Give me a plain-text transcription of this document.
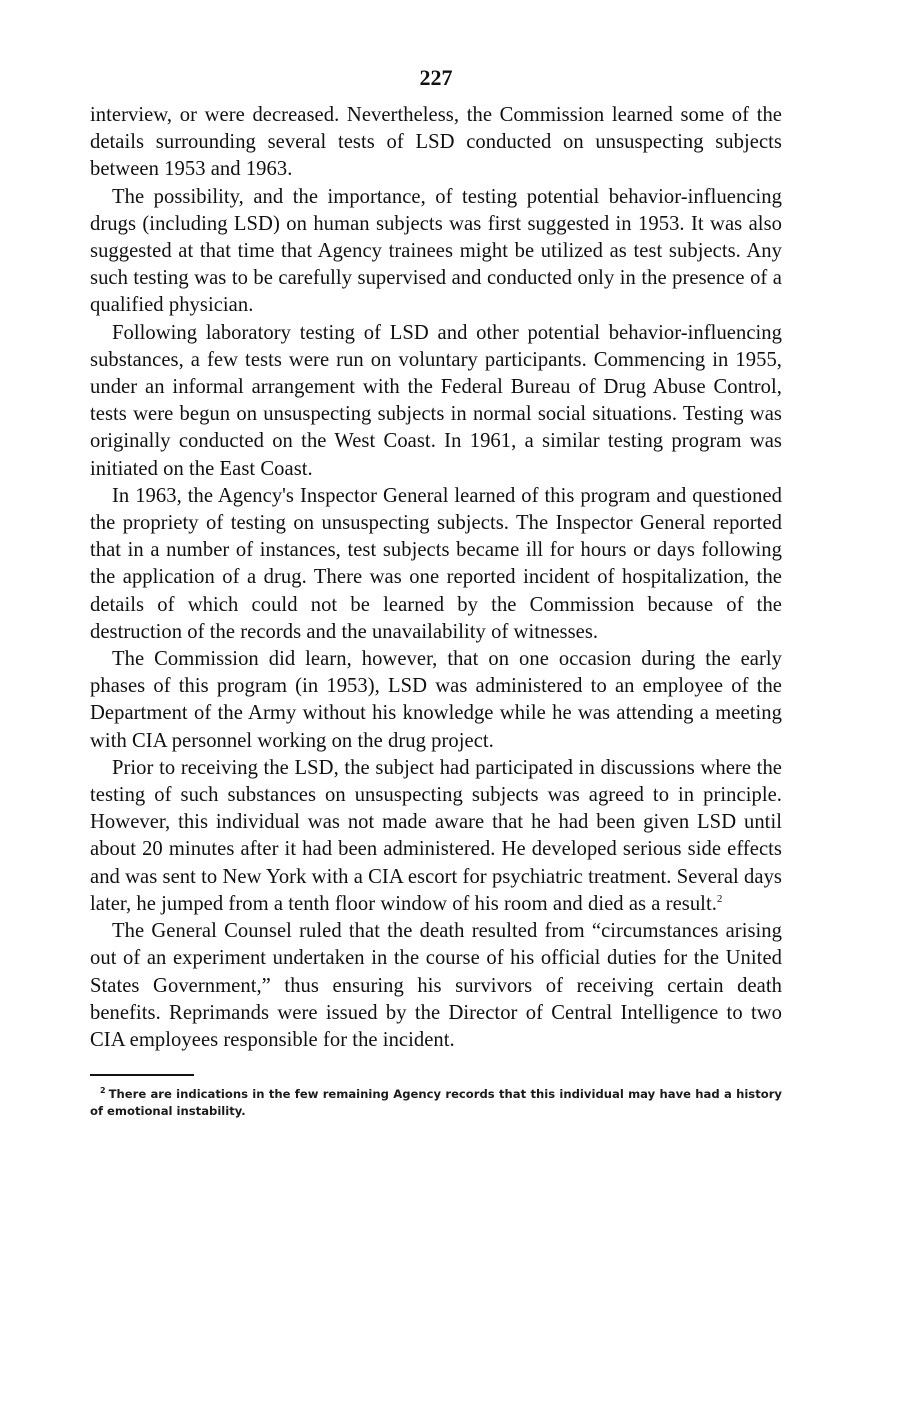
227

interview, or were decreased. Nevertheless, the Commission learned some of the details surrounding several tests of LSD conducted on unsuspecting subjects between 1953 and 1963.

The possibility, and the importance, of testing potential behavior-influencing drugs (including LSD) on human subjects was first suggested in 1953. It was also suggested at that time that Agency trainees might be utilized as test subjects. Any such testing was to be carefully supervised and conducted only in the presence of a qualified physician.

Following laboratory testing of LSD and other potential behavior-influencing substances, a few tests were run on voluntary participants. Commencing in 1955, under an informal arrangement with the Federal Bureau of Drug Abuse Control, tests were begun on unsuspecting subjects in normal social situations. Testing was originally conducted on the West Coast. In 1961, a similar testing program was initiated on the East Coast.

In 1963, the Agency's Inspector General learned of this program and questioned the propriety of testing on unsuspecting subjects. The Inspector General reported that in a number of instances, test subjects became ill for hours or days following the application of a drug. There was one reported incident of hospitalization, the details of which could not be learned by the Commission because of the destruction of the records and the unavailability of witnesses.

The Commission did learn, however, that on one occasion during the early phases of this program (in 1953), LSD was administered to an employee of the Department of the Army without his knowledge while he was attending a meeting with CIA personnel working on the drug project.

Prior to receiving the LSD, the subject had participated in discussions where the testing of such substances on unsuspecting subjects was agreed to in principle. However, this individual was not made aware that he had been given LSD until about 20 minutes after it had been administered. He developed serious side effects and was sent to New York with a CIA escort for psychiatric treatment. Several days later, he jumped from a tenth floor window of his room and died as a result.$^2$

The General Counsel ruled that the death resulted from “circumstances arising out of an experiment undertaken in the course of his official duties for the United States Government,” thus ensuring his survivors of receiving certain death benefits. Reprimands were issued by the Director of Central Intelligence to two CIA employees responsible for the incident.

$^2$ There are indications in the few remaining Agency records that this individual may have had a history of emotional instability.
